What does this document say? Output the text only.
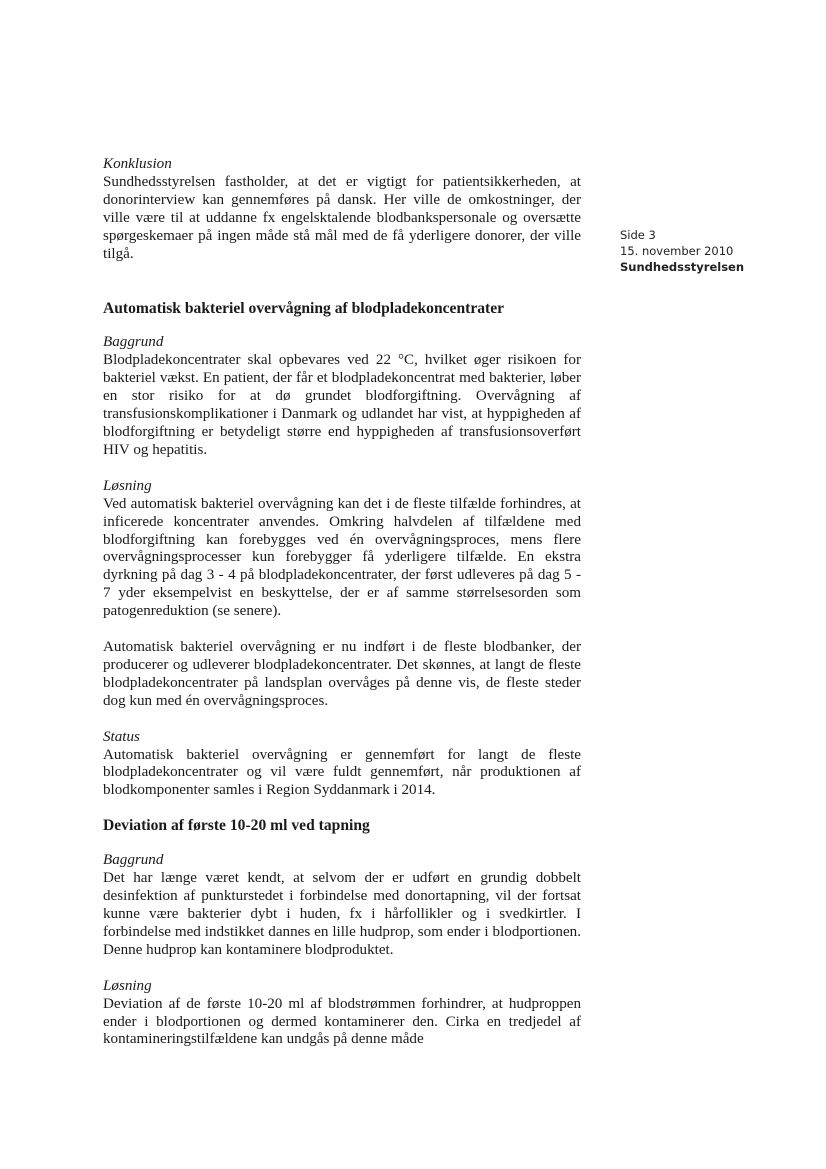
Side 3
15. november 2010
Sundhedsstyrelsen

Konklusion

Sundhedsstyrelsen fastholder, at det er vigtigt for patientsikkerheden, at donorinterview kan gennemføres på dansk. Her ville de omkostninger, der ville være til at uddanne fx engelsktalende blodbankspersonale og oversætte spørgeskemaer på ingen måde stå mål med de få yderligere donorer, der ville tilgå.

Automatisk bakteriel overvågning af blodpladekoncentrater

Baggrund

Blodpladekoncentrater skal opbevares ved 22 °C, hvilket øger risikoen for bakteriel vækst. En patient, der får et blodpladekoncentrat med bakterier, løber en stor risiko for at dø grundet blodforgiftning. Overvågning af transfusionskomplikationer i Danmark og udlandet har vist, at hyppigheden af blodforgiftning er betydeligt større end hyppigheden af transfusionsoverført HIV og hepatitis.

Løsning

Ved automatisk bakteriel overvågning kan det i de fleste tilfælde forhindres, at inficerede koncentrater anvendes. Omkring halvdelen af tilfældene med blodforgiftning kan forebygges ved én overvågningsproces, mens flere overvågningsprocesser kun forebygger få yderligere tilfælde. En ekstra dyrkning på dag 3 - 4 på blodpladekoncentrater, der først udleveres på dag 5 - 7 yder eksempelvist en beskyttelse, der er af samme størrelsesorden som patogenreduktion (se senere).

Automatisk bakteriel overvågning er nu indført i de fleste blodbanker, der producerer og udleverer blodpladekoncentrater. Det skønnes, at langt de fleste blodpladekoncentrater på landsplan overvåges på denne vis, de fleste steder dog kun med én overvågningsproces.

Status

Automatisk bakteriel overvågning er gennemført for langt de fleste blodpladekoncentrater og vil være fuldt gennemført, når produktionen af blodkomponenter samles i Region Syddanmark i 2014.

Deviation af første 10-20 ml ved tapning

Baggrund

Det har længe været kendt, at selvom der er udført en grundig dobbelt desinfektion af punkturstedet i forbindelse med donortapning, vil der fortsat kunne være bakterier dybt i huden, fx i hårfollikler og i svedkirtler. I forbindelse med indstikket dannes en lille hudprop, som ender i blodportionen. Denne hudprop kan kontaminere blodproduktet.

Løsning

Deviation af de første 10-20 ml af blodstrømmen forhindrer, at hudproppen ender i blodportionen og dermed kontaminerer den. Cirka en tredjedel af kontamineringstilfældene kan undgås på denne måde
